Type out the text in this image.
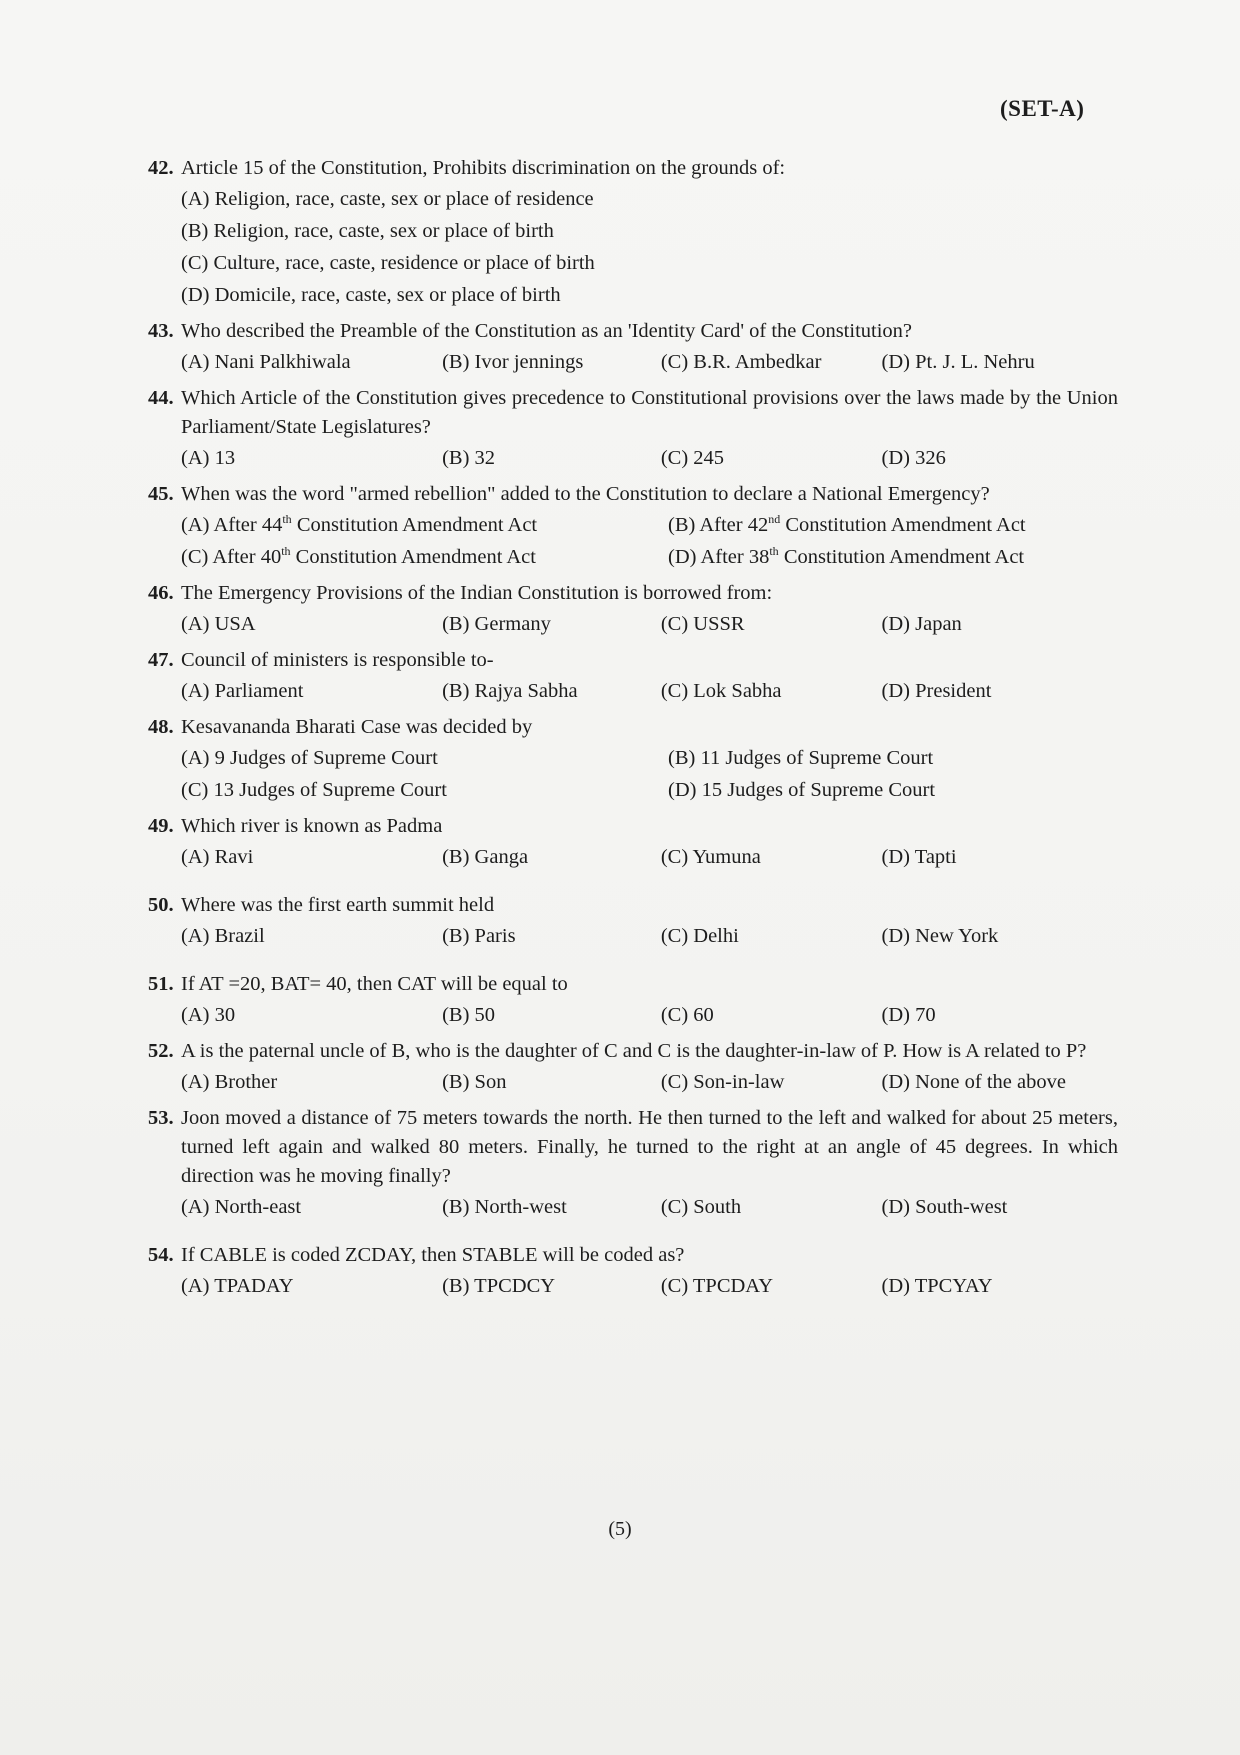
(SET-A)
42. Article 15 of the Constitution, Prohibits discrimination on the grounds of:
(A) Religion, race, caste, sex or place of residence
(B) Religion, race, caste, sex or place of birth
(C) Culture, race, caste, residence or place of birth
(D) Domicile, race, caste, sex or place of birth
43. Who described the Preamble of the Constitution as an 'Identity Card' of the Constitution?
(A) Nani Palkhiwala	(B) Ivor jennings	(C) B.R. Ambedkar	(D) Pt. J. L. Nehru
44. Which Article of the Constitution gives precedence to Constitutional provisions over the laws made by the Union Parliament/State Legislatures?
(A) 13	(B) 32	(C) 245	(D) 326
45. When was the word "armed rebellion" added to the Constitution to declare a National Emergency?
(A) After 44th Constitution Amendment Act	(B) After 42nd Constitution Amendment Act
(C) After 40th Constitution Amendment Act	(D) After 38th Constitution Amendment Act
46. The Emergency Provisions of the Indian Constitution is borrowed from:
(A) USA	(B) Germany	(C) USSR	(D) Japan
47. Council of ministers is responsible to-
(A) Parliament	(B) Rajya Sabha	(C) Lok Sabha	(D) President
48. Kesavananda Bharati Case was decided by
(A) 9 Judges of Supreme Court	(B) 11 Judges of Supreme Court
(C) 13 Judges of Supreme Court	(D) 15 Judges of Supreme Court
49. Which river is known as Padma
(A) Ravi	(B) Ganga	(C) Yumuna	(D) Tapti
50. Where was the first earth summit held
(A) Brazil	(B) Paris	(C) Delhi	(D) New York
51. If AT =20, BAT= 40, then CAT will be equal to
(A) 30	(B) 50	(C) 60	(D) 70
52. A is the paternal uncle of B, who is the daughter of C and C is the daughter-in-law of P. How is A related to P?
(A) Brother	(B) Son	(C) Son-in-law	(D) None of the above
53. Joon moved a distance of 75 meters towards the north. He then turned to the left and walked for about 25 meters, turned left again and walked 80 meters. Finally, he turned to the right at an angle of 45 degrees. In which direction was he moving finally?
(A) North-east	(B) North-west	(C) South	(D) South-west
54. If CABLE is coded ZCDAY, then STABLE will be coded as?
(A) TPADAY	(B) TPCDCY	(C) TPCDAY	(D) TPCYAY
(5)
